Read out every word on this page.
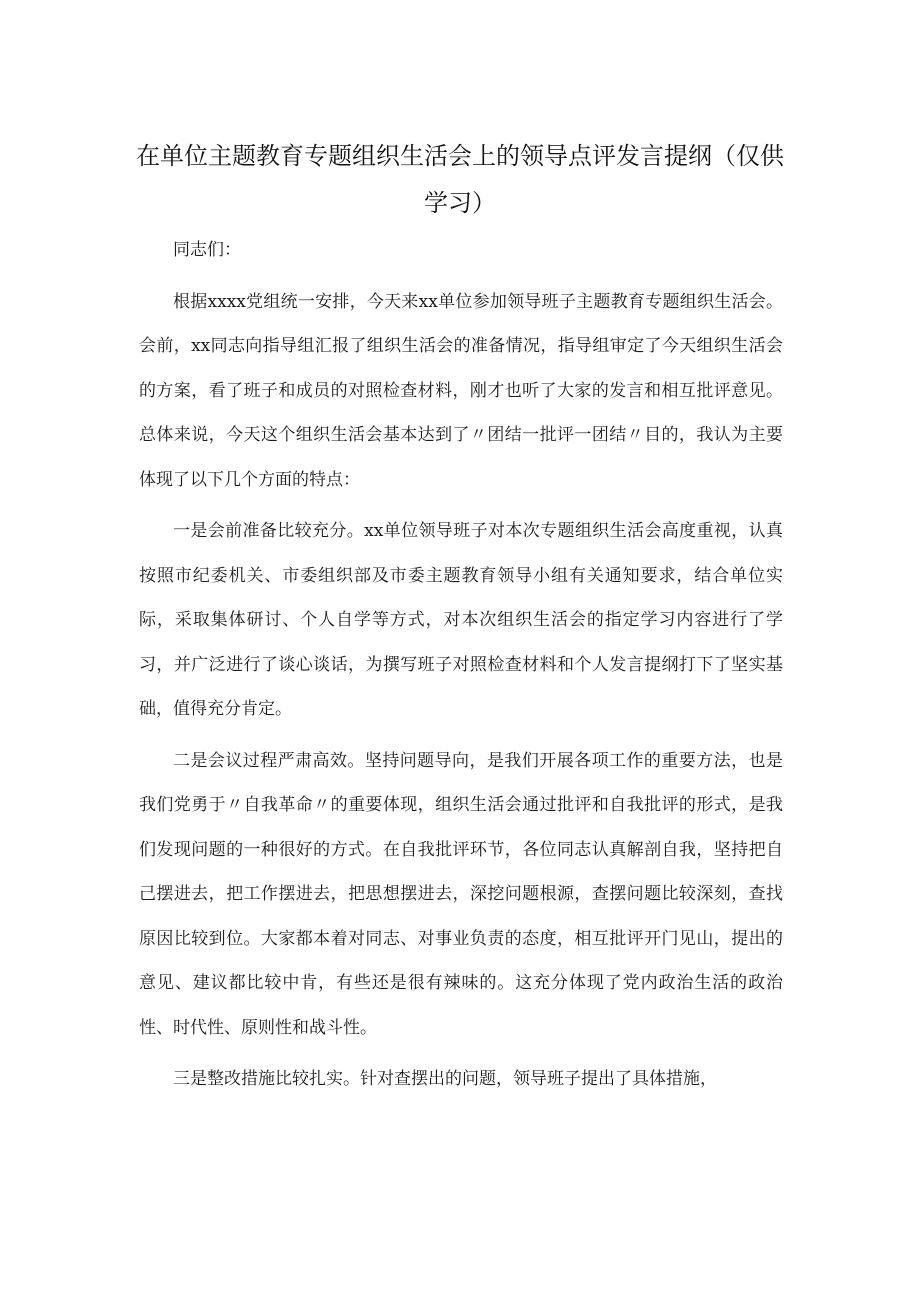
在单位主题教育专题组织生活会上的领导点评发言提纲（仅供学习）

同志们：

根据xxxx党组统一安排，今天来xx单位参加领导班子主题教育专题组织生活会。会前，xx同志向指导组汇报了组织生活会的准备情况，指导组审定了今天组织生活会的方案，看了班子和成员的对照检查材料，刚才也听了大家的发言和相互批评意见。总体来说，今天这个组织生活会基本达到了〃团结一批评一团结〃目的，我认为主要体现了以下几个方面的特点：

一是会前准备比较充分。xx单位领导班子对本次专题组织生活会高度重视，认真按照市纪委机关、市委组织部及市委主题教育领导小组有关通知要求，结合单位实际，采取集体研讨、个人自学等方式，对本次组织生活会的指定学习内容进行了学习，并广泛进行了谈心谈话，为撰写班子对照检查材料和个人发言提纲打下了坚实基础，值得充分肯定。

二是会议过程严肃高效。坚持问题导向，是我们开展各项工作的重要方法，也是我们党勇于〃自我革命〃的重要体现，组织生活会通过批评和自我批评的形式，是我们发现问题的一种很好的方式。在自我批评环节，各位同志认真解剖自我，坚持把自己摆进去，把工作摆进去，把思想摆进去，深挖问题根源，查摆问题比较深刻，查找原因比较到位。大家都本着对同志、对事业负责的态度，相互批评开门见山，提出的意见、建议都比较中肯，有些还是很有辣味的。这充分体现了党内政治生活的政治性、时代性、原则性和战斗性。

三是整改措施比较扎实。针对查摆出的问题，领导班子提出了具体措施，
